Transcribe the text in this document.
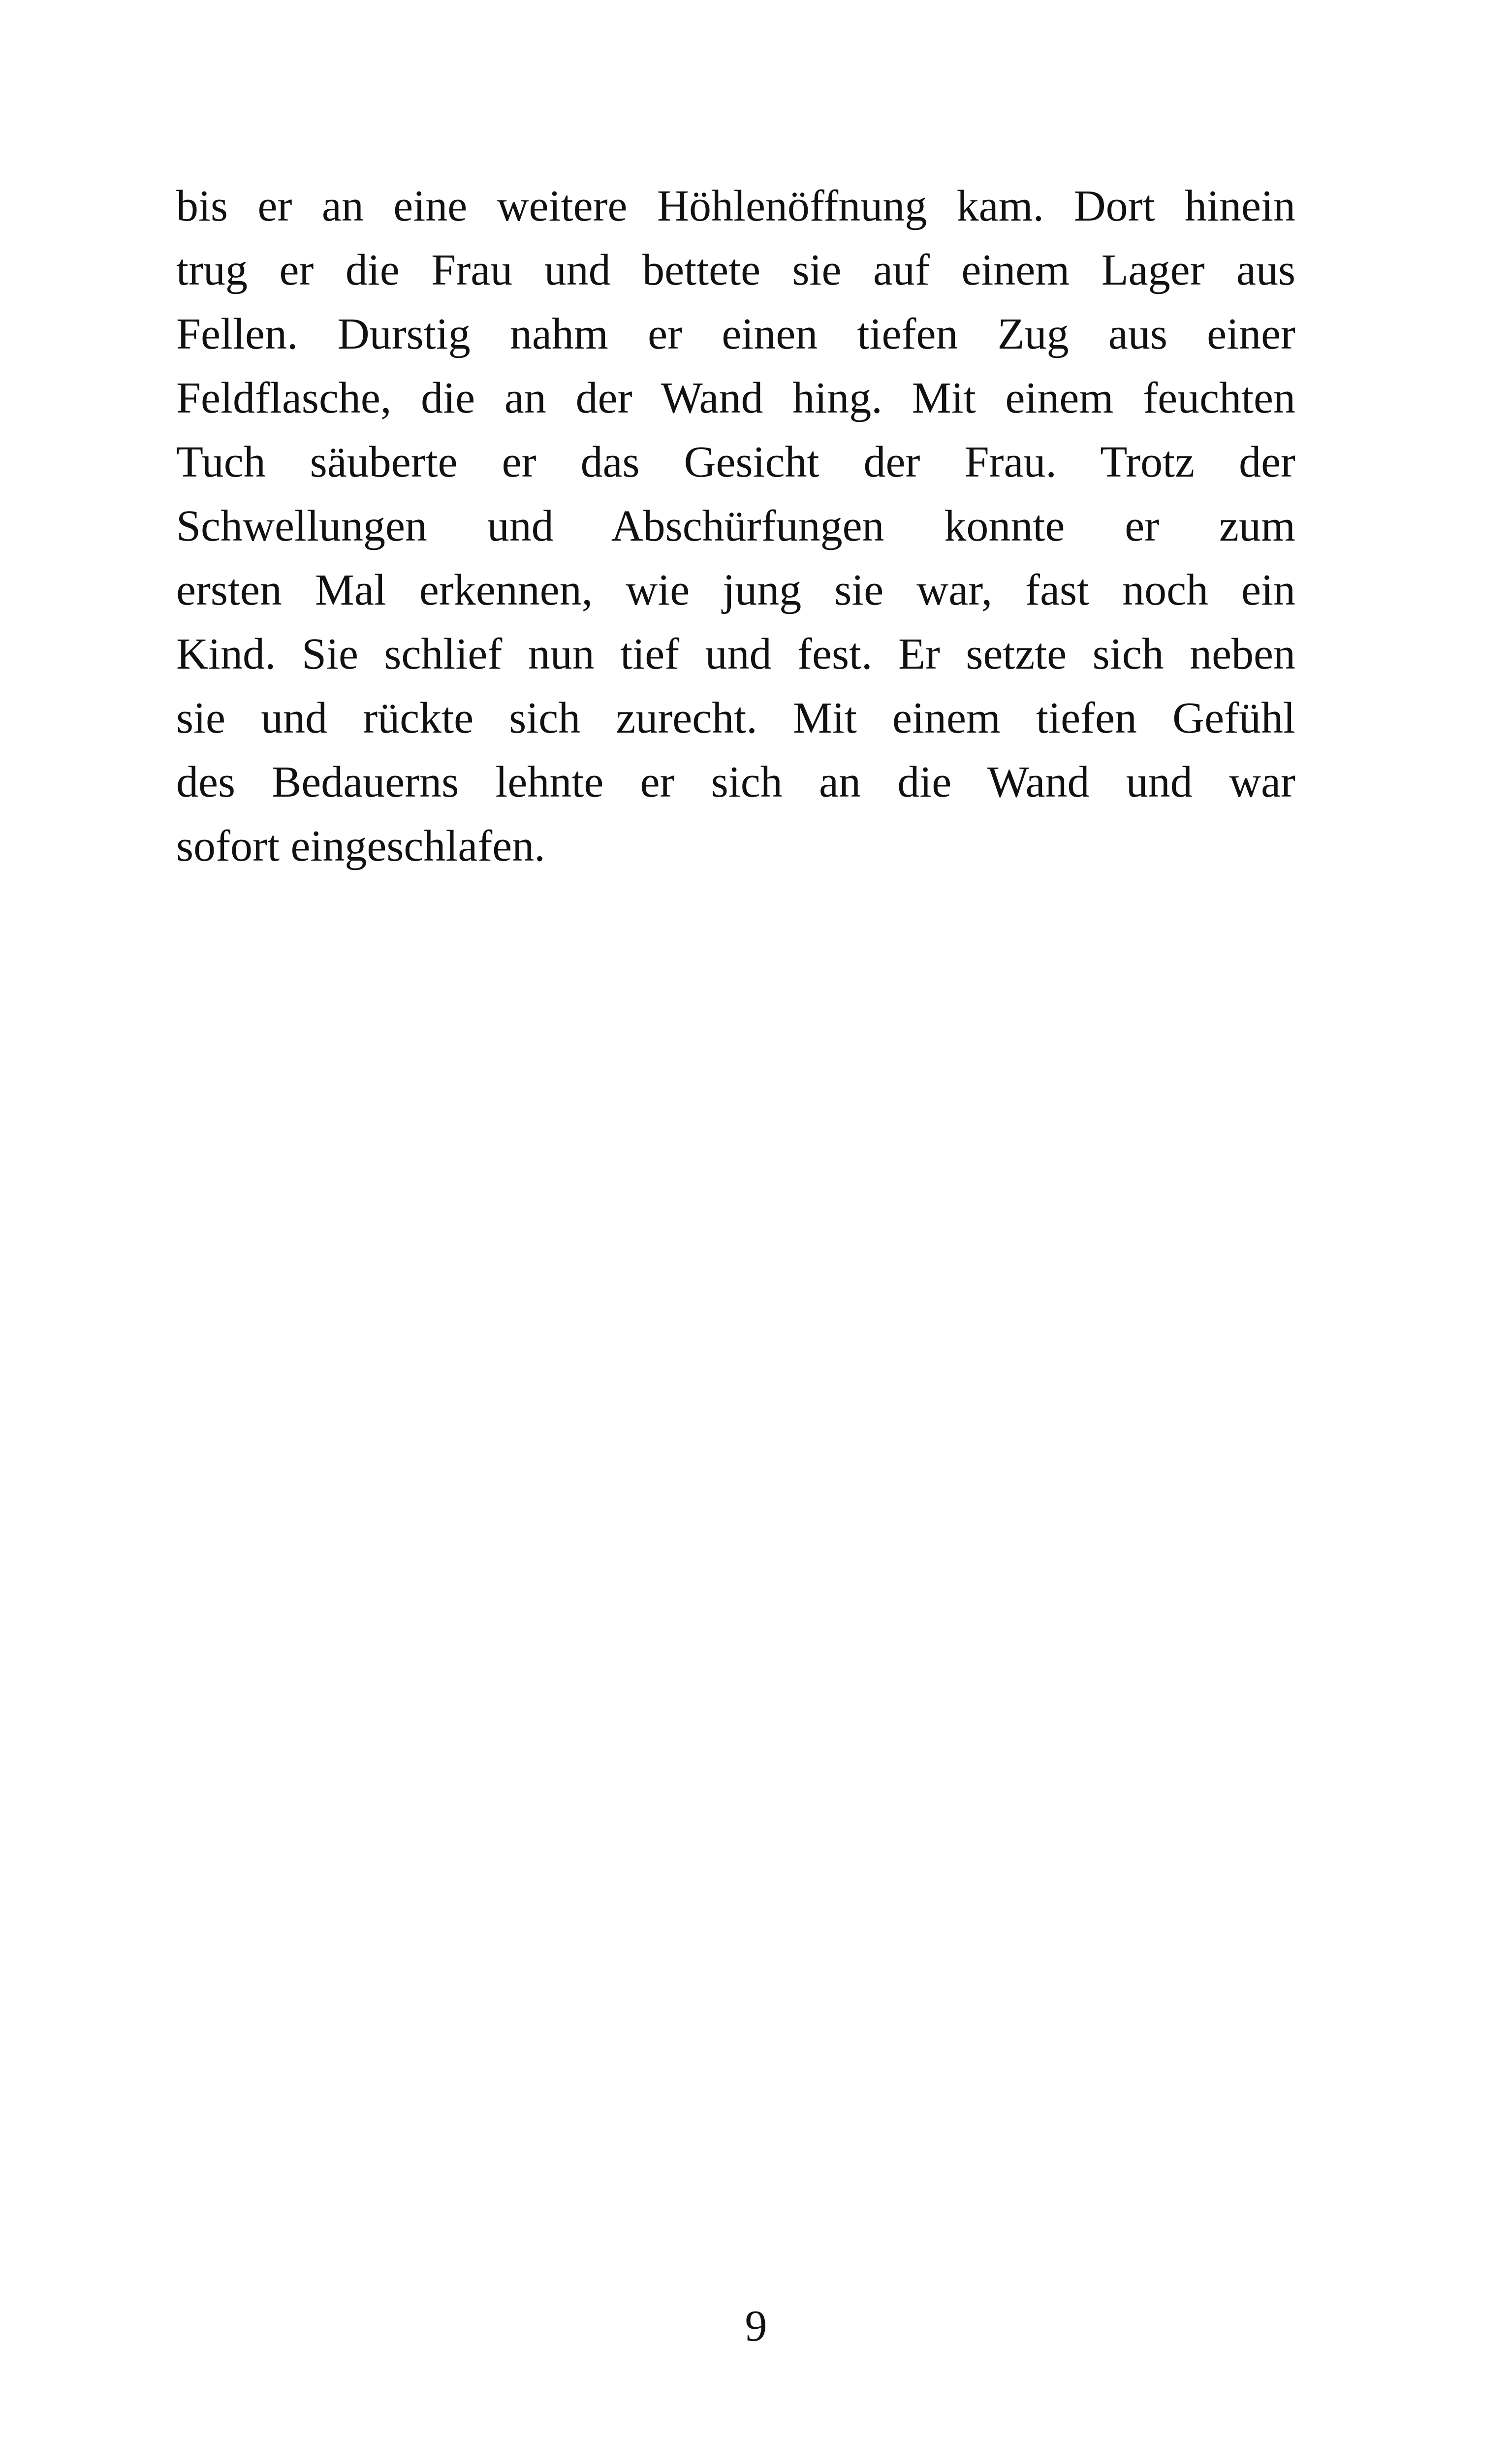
bis er an eine weitere Höhlenöffnung kam. Dort hinein
trug er die Frau und bettete sie auf einem Lager aus
Fellen. Durstig nahm er einen tiefen Zug aus einer
Feldflasche, die an der Wand hing. Mit einem feuchten
Tuch säuberte er das Gesicht der Frau. Trotz der
Schwellungen und Abschürfungen konnte er zum
ersten Mal erkennen, wie jung sie war, fast noch ein
Kind. Sie schlief nun tief und fest. Er setzte sich neben
sie und rückte sich zurecht. Mit einem tiefen Gefühl
des Bedauerns lehnte er sich an die Wand und war
sofort eingeschlafen.
9
